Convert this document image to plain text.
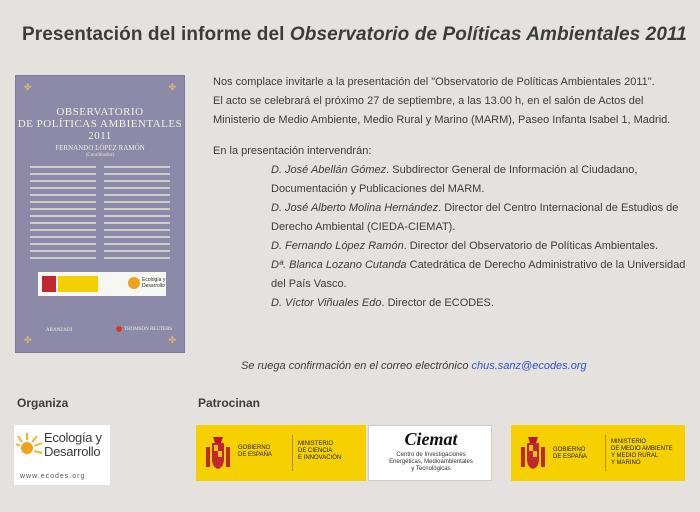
Presentación del informe del Observatorio de Políticas Ambientales 2011
✤	✤
✤	✤
OBSERVATORIO
DE POLÍTICAS AMBIENTALES
2011
FERNANDO LÓPEZ RAMÓN
(Coordinador)
Ecología y Desarrollo
ARANZADI	THOMSON REUTERS

Nos complace invitarle a la presentación del "Observatorio de Políticas Ambientales 2011".

El acto se celebrará el próximo 27 de septiembre, a las 13.00 h, en el salón de Actos del

Ministerio de Medio Ambiente, Medio Rural y Marino (MARM), Paseo Infanta Isabel 1, Madrid.

En la presentación intervendrán:

D. José Abellán Gómez. Subdirector General de Información al Ciudadano,

Documentación y Publicaciones del MARM.

D. José Alberto Molina Hernández. Director del Centro Internacional de Estudios de

Derecho Ambiental (CIEDA-CIEMAT).

D. Fernando López Ramón. Director del Observatorio de Políticas Ambientales.

Dª. Blanca Lozano Cutanda Catedrática de Derecho Administrativo de la Universidad

del País Vasco.

D. Víctor Viñuales Edo. Director de ECODES.

Se ruega confirmación en el correo electrónico chus.sanz@ecodes.org
Organiza	Patrocinan
Ecología y
Desarrollo
www.ecodes.org
GOBIERNO
DE ESPAÑA
MINISTERIO
DE CIENCIA
E INNOVACIÓN
Ciemat
Centro de Investigaciones
Energéticas, Medioambientales
y Tecnológicas
GOBIERNO
DE ESPAÑA
MINISTERIO
DE MEDIO AMBIENTE
Y MEDIO RURAL
Y MARINO
